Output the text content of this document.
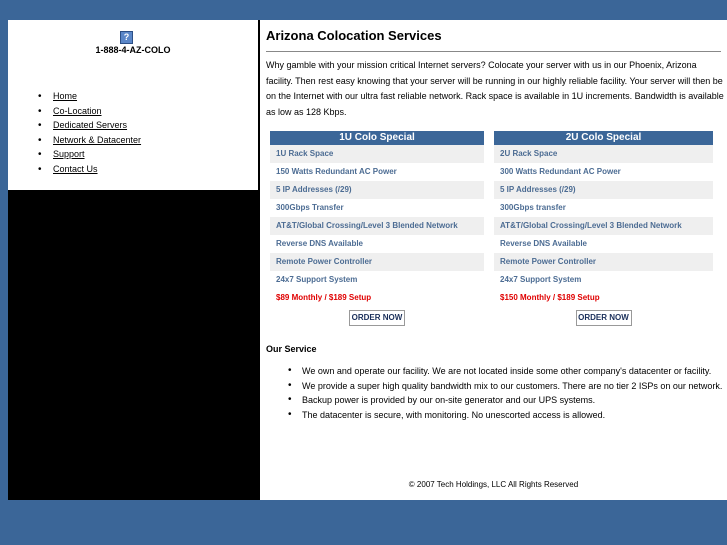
?
1-888-4-AZ-COLO
• Home
• Co-Location
• Dedicated Servers
• Network & Datacenter
• Support
• Contact Us
Arizona Colocation Services

Why gamble with your mission critical Internet servers? Colocate your server with us in our Phoenix, Arizona facility. Then rest easy knowing that your server will be running in our highly reliable facility. Your server will then be on the Internet with our ultra fast reliable network. Rack space is available in 1U increments. Bandwidth is available as low as 128 Kbps.

1U Colo Special
1U Rack Space
150 Watts Redundant AC Power
5 IP Addresses (/29)
300Gbps Transfer
AT&T/Global Crossing/Level 3 Blended Network
Reverse DNS Available
Remote Power Controller
24x7 Support System
$89 Monthly / $189 Setup
ORDER NOW
2U Colo Special
2U Rack Space
300 Watts Redundant AC Power
5 IP Addresses (/29)
300Gbps transfer
AT&T/Global Crossing/Level 3 Blended Network
Reverse DNS Available
Remote Power Controller
24x7 Support System
$150 Monthly / $189 Setup
ORDER NOW
Our Service
• We own and operate our facility. We are not located inside some other company's datacenter or facility.
• We provide a super high quality bandwidth mix to our customers. There are no tier 2 ISPs on our network.
• Backup power is provided by our on-site generator and our UPS systems.
• The datacenter is secure, with monitoring. No unescorted access is allowed.
© 2007 Tech Holdings, LLC All Rights Reserved
